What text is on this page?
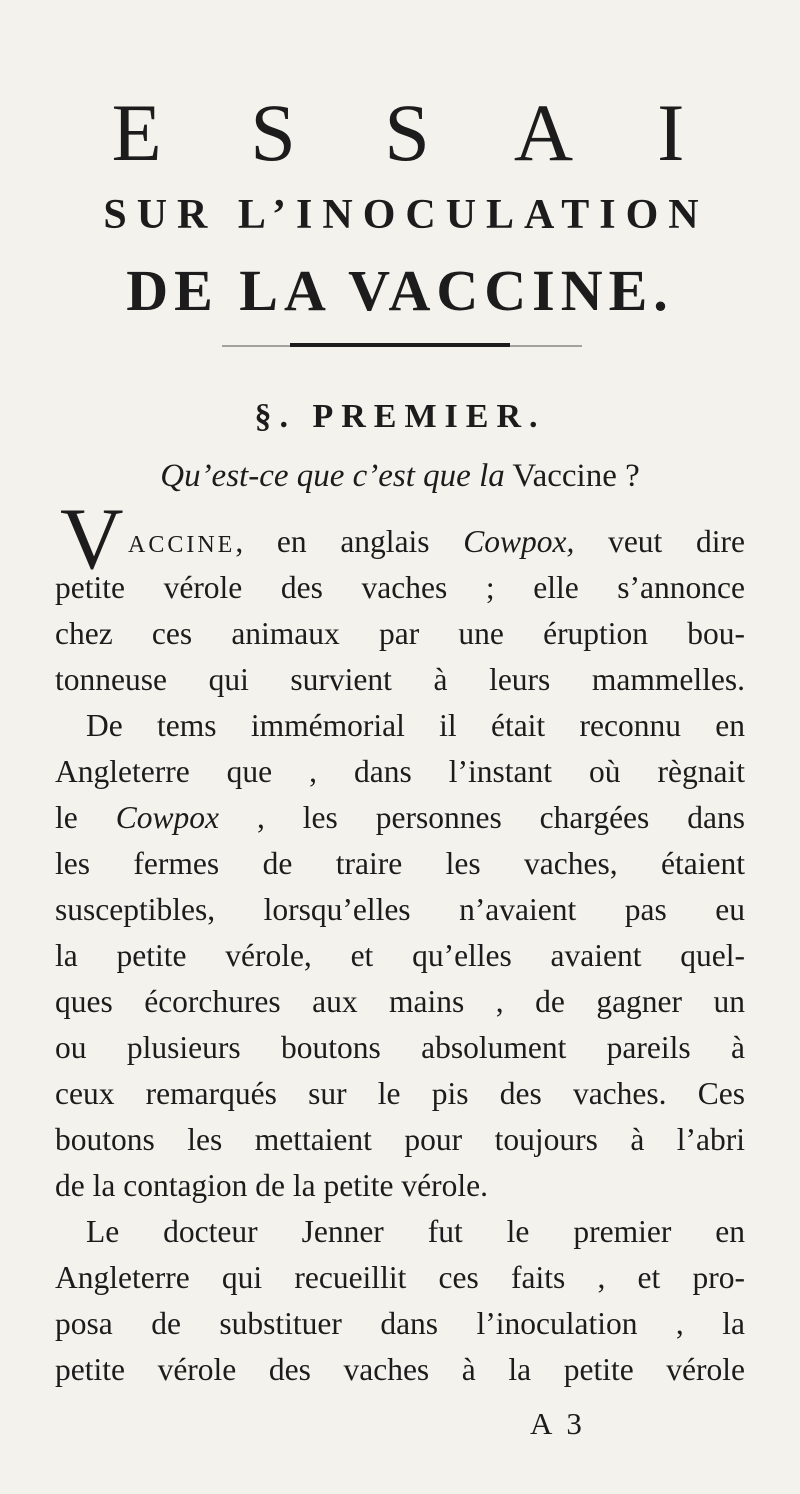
E S S A I
SUR L’INOCULATION
DE LA VACCINE.
§. PREMIER.

Qu’est-ce que c’est que la Vaccine ?

V ACCINE, en anglais Cowpox, veut dire
petite vérole des vaches ; elle s’annonce
chez ces animaux par une éruption bou-
tonneuse qui survient à leurs mammelles.
De tems immémorial il était reconnu en
Angleterre que , dans l’instant où règnait
le Cowpox , les personnes chargées dans
les fermes de traire les vaches, étaient
susceptibles, lorsqu’elles n’avaient pas eu
la petite vérole, et qu’elles avaient quel-
ques écorchures aux mains , de gagner un
ou plusieurs boutons absolument pareils à
ceux remarqués sur le pis des vaches. Ces
boutons les mettaient pour toujours à l’abri
de la contagion de la petite vérole.
Le docteur Jenner fut le premier en
Angleterre qui recueillit ces faits , et pro-
posa de substituer dans l’inoculation , la
petite vérole des vaches à la petite vérole
A 3
